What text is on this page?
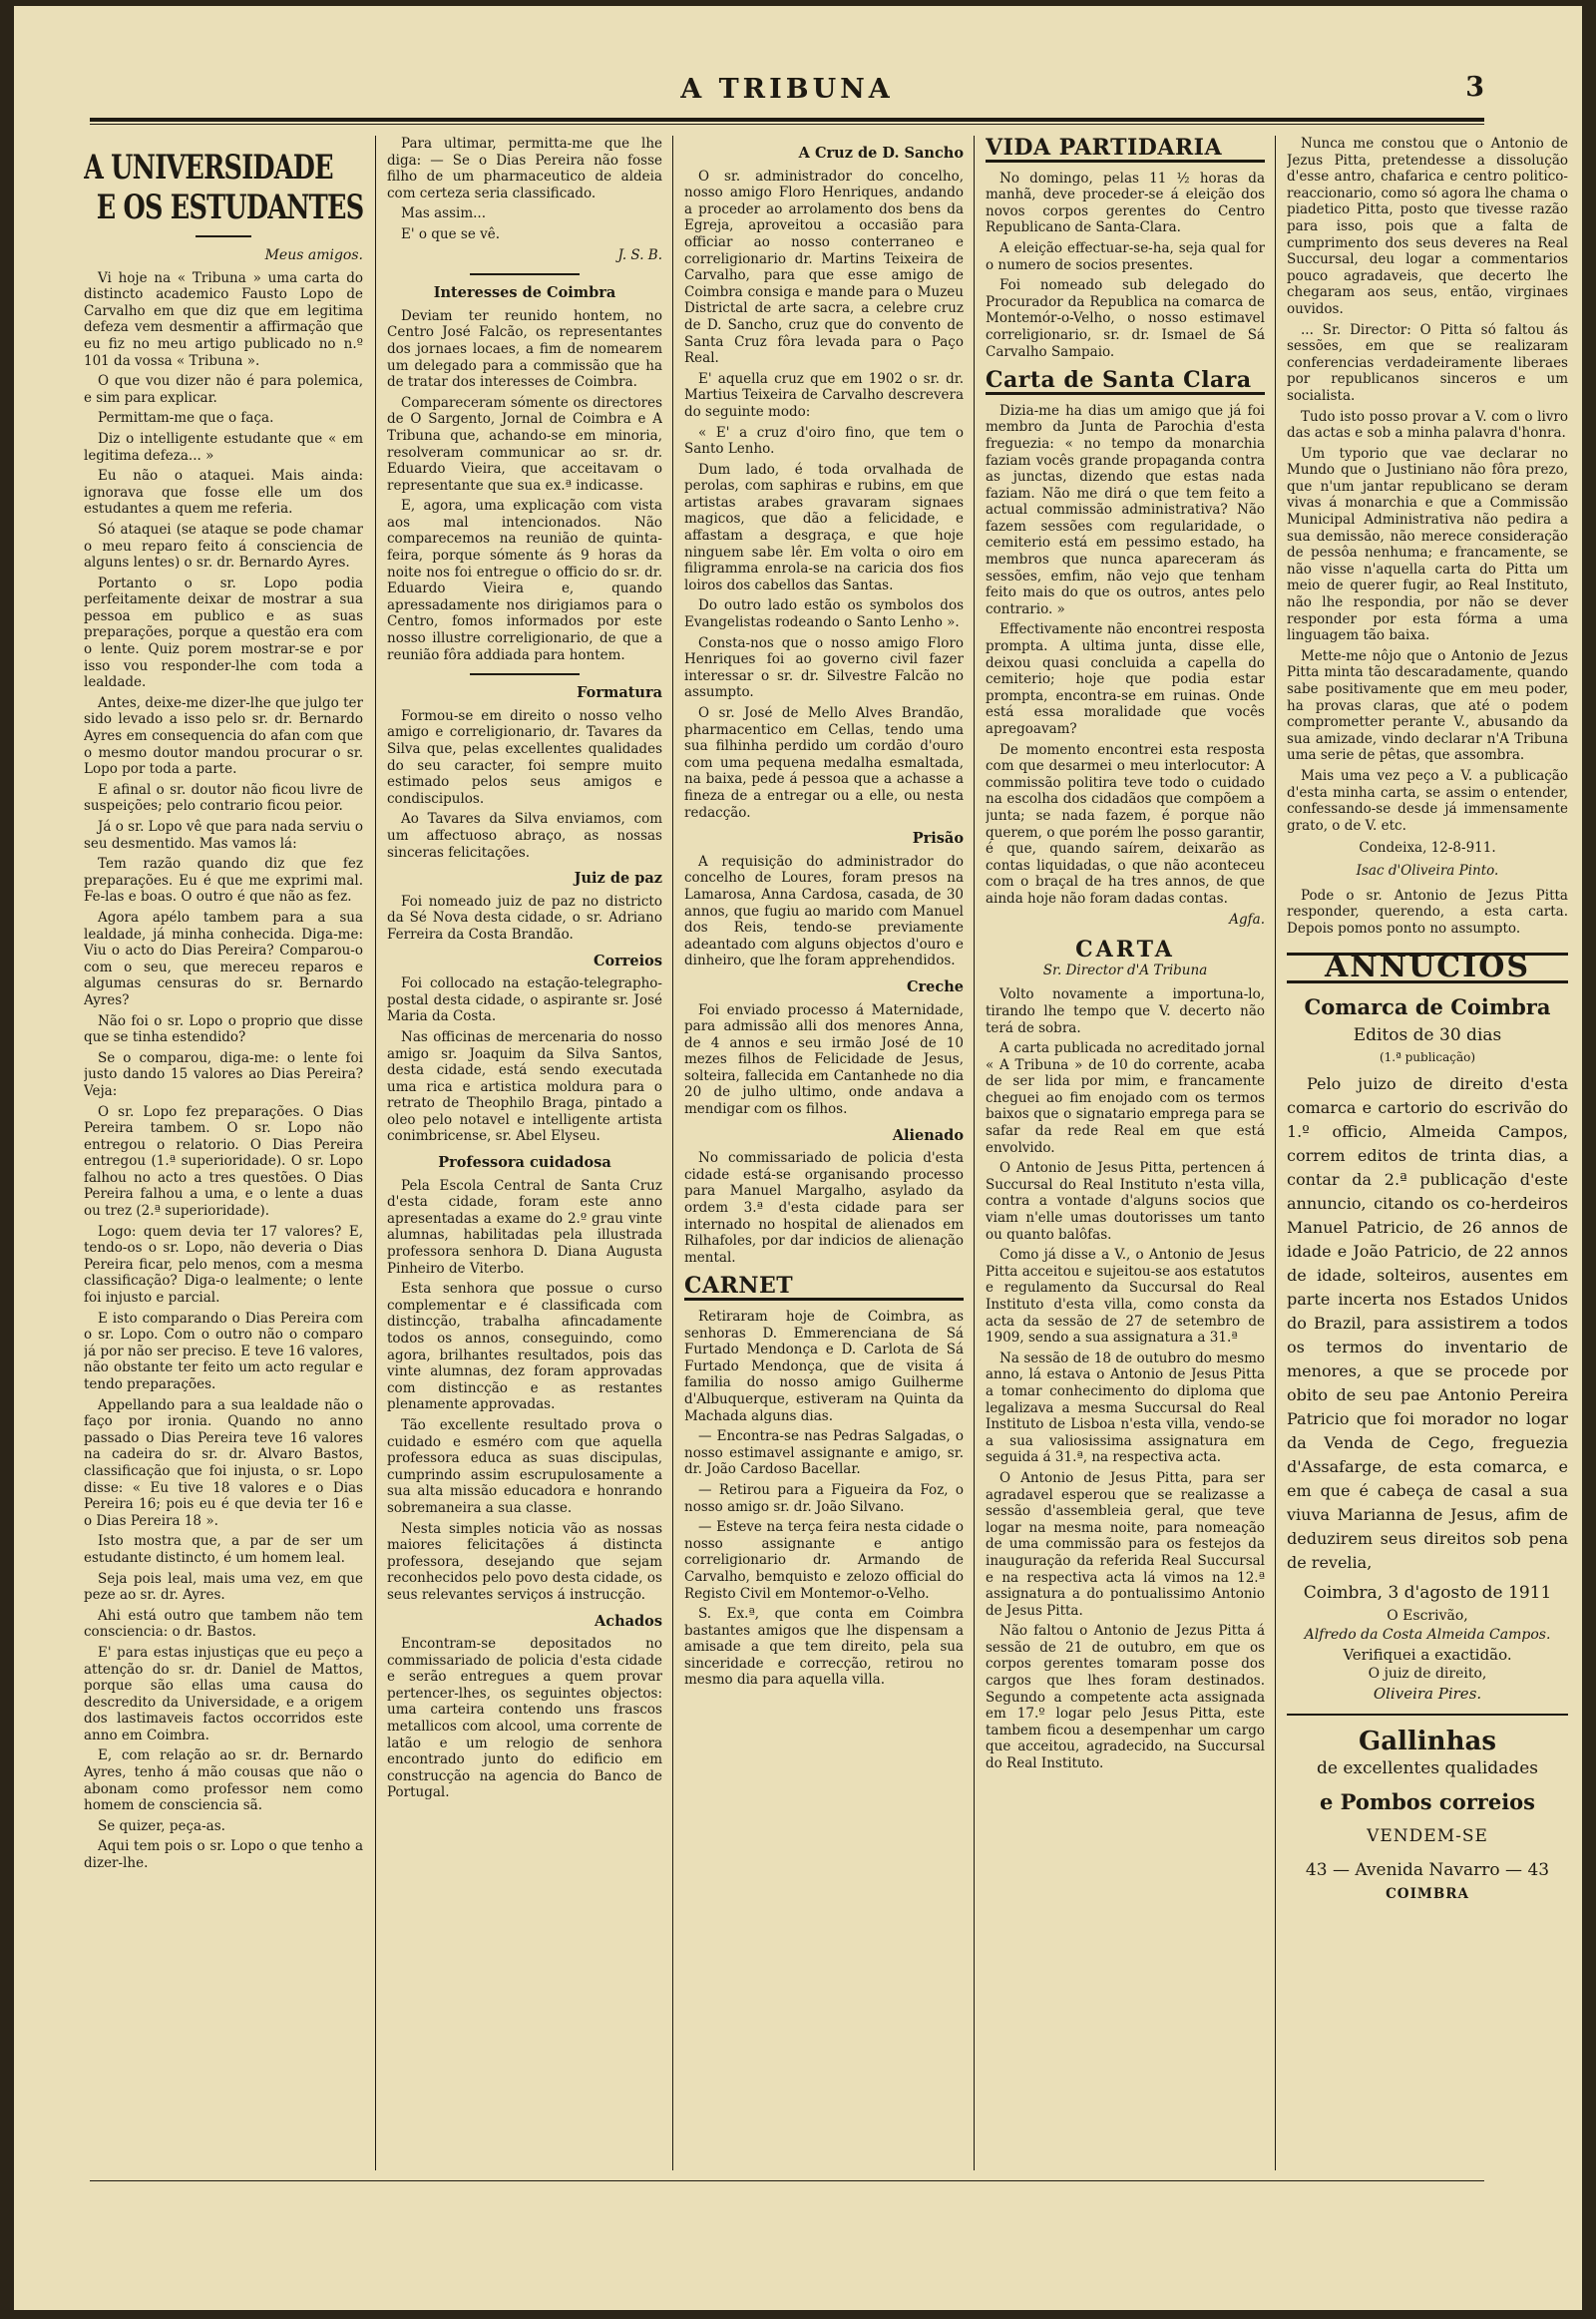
A TRIBUNA	3
A UNIVERSIDADE
E OS ESTUDANTES
Meus amigos.

Vi hoje na « Tribuna » uma carta do distincto academico Fausto Lopo de Carvalho em que diz que em legitima defeza vem desmentir a affirmação que eu fiz no meu artigo publicado no n.º 101 da vossa « Tribuna ».

O que vou dizer não é para polemica, e sim para explicar.

Permittam-me que o faça.

Diz o intelligente estudante que « em legitima defeza... »

Eu não o ataquei. Mais ainda: ignorava que fosse elle um dos estudantes a quem me referia.

Só ataquei (se ataque se pode chamar o meu reparo feito á consciencia de alguns lentes) o sr. dr. Bernardo Ayres.

Portanto o sr. Lopo podia perfeitamente deixar de mostrar a sua pessoa em publico e as suas preparações, porque a questão era com o lente. Quiz porem mostrar-se e por isso vou responder-lhe com toda a lealdade.

Antes, deixe-me dizer-lhe que julgo ter sido levado a isso pelo sr. dr. Bernardo Ayres em consequencia do afan com que o mesmo doutor mandou procurar o sr. Lopo por toda a parte.

E afinal o sr. doutor não ficou livre de suspeições; pelo contrario ficou peior.

Já o sr. Lopo vê que para nada serviu o seu desmentido. Mas vamos lá:

Tem razão quando diz que fez preparações. Eu é que me exprimi mal. Fe-las e boas. O outro é que não as fez.

Agora apélo tambem para a sua lealdade, já minha conhecida. Diga-me: Viu o acto do Dias Pereira? Comparou-o com o seu, que mereceu reparos e algumas censuras do sr. Bernardo Ayres?

Não foi o sr. Lopo o proprio que disse que se tinha estendido?

Se o comparou, diga-me: o lente foi justo dando 15 valores ao Dias Pereira? Veja:

O sr. Lopo fez preparações. O Dias Pereira tambem. O sr. Lopo não entregou o relatorio. O Dias Pereira entregou (1.ª superioridade). O sr. Lopo falhou no acto a tres questões. O Dias Pereira falhou a uma, e o lente a duas ou trez (2.ª superioridade).

Logo: quem devia ter 17 valores? E, tendo-os o sr. Lopo, não deveria o Dias Pereira ficar, pelo menos, com a mesma classificação? Diga-o lealmente; o lente foi injusto e parcial.

E isto comparando o Dias Pereira com o sr. Lopo. Com o outro não o comparo já por não ser preciso. E teve 16 valores, não obstante ter feito um acto regular e tendo preparações.

Appellando para a sua lealdade não o faço por ironia. Quando no anno passado o Dias Pereira teve 16 valores na cadeira do sr. dr. Alvaro Bastos, classificação que foi injusta, o sr. Lopo disse: « Eu tive 18 valores e o Dias Pereira 16; pois eu é que devia ter 16 e o Dias Pereira 18 ».

Isto mostra que, a par de ser um estudante distincto, é um homem leal.

Seja pois leal, mais uma vez, em que peze ao sr. dr. Ayres.

Ahi está outro que tambem não tem consciencia: o dr. Bastos.

E' para estas injustiças que eu peço a attenção do sr. dr. Daniel de Mattos, porque são ellas uma causa do descredito da Universidade, e a origem dos lastimaveis factos occorridos este anno em Coimbra.

E, com relação ao sr. dr. Bernardo Ayres, tenho á mão cousas que não o abonam como professor nem como homem de consciencia sã.

Se quizer, peça-as.

Aqui tem pois o sr. Lopo o que tenho a dizer-lhe.

Para ultimar, permitta-me que lhe diga: — Se o Dias Pereira não fosse filho de um pharmaceutico de aldeia com certeza seria classificado.

Mas assim...

E' o que se vê.

J. S. B.
Interesses de Coimbra

Deviam ter reunido hontem, no Centro José Falcão, os representantes dos jornaes locaes, a fim de nomearem um delegado para a commissão que ha de tratar dos interesses de Coimbra.

Compareceram sómente os directores de O Sargento, Jornal de Coimbra e A Tribuna que, achando-se em minoria, resolveram communicar ao sr. dr. Eduardo Vieira, que acceitavam o representante que sua ex.ª indicasse.

E, agora, uma explicação com vista aos mal intencionados. Não comparecemos na reunião de quinta-feira, porque sómente ás 9 horas da noite nos foi entregue o officio do sr. dr. Eduardo Vieira e, quando apressadamente nos dirigiamos para o Centro, fomos informados por este nosso illustre correligionario, de que a reunião fôra addiada para hontem.

Formatura

Formou-se em direito o nosso velho amigo e correligionario, dr. Tavares da Silva que, pelas excellentes qualidades do seu caracter, foi sempre muito estimado pelos seus amigos e condiscipulos.

Ao Tavares da Silva enviamos, com um affectuoso abraço, as nossas sinceras felicitações.

Juiz de paz

Foi nomeado juiz de paz no districto da Sé Nova desta cidade, o sr. Adriano Ferreira da Costa Brandão.

Correios

Foi collocado na estação-telegrapho-postal desta cidade, o aspirante sr. José Maria da Costa.

Nas officinas de mercenaria do nosso amigo sr. Joaquim da Silva Santos, desta cidade, está sendo executada uma rica e artistica moldura para o retrato de Theophilo Braga, pintado a oleo pelo notavel e intelligente artista conimbricense, sr. Abel Elyseu.

Professora cuidadosa

Pela Escola Central de Santa Cruz d'esta cidade, foram este anno apresentadas a exame do 2.º grau vinte alumnas, habilitadas pela illustrada professora senhora D. Diana Augusta Pinheiro de Viterbo.

Esta senhora que possue o curso complementar e é classificada com distincção, trabalha afincadamente todos os annos, conseguindo, como agora, brilhantes resultados, pois das vinte alumnas, dez foram approvadas com distincção e as restantes plenamente approvadas.

Tão excellente resultado prova o cuidado e esméro com que aquella professora educa as suas discipulas, cumprindo assim escrupulosamente a sua alta missão educadora e honrando sobremaneira a sua classe.

Nesta simples noticia vão as nossas maiores felicitações á distincta professora, desejando que sejam reconhecidos pelo povo desta cidade, os seus relevantes serviços á instrucção.

Achados

Encontram-se depositados no commissariado de policia d'esta cidade e serão entregues a quem provar pertencer-lhes, os seguintes objectos: uma carteira contendo uns frascos metallicos com alcool, uma corrente de latão e um relogio de senhora encontrado junto do edificio em construcção na agencia do Banco de Portugal.

A Cruz de D. Sancho

O sr. administrador do concelho, nosso amigo Floro Henriques, andando a proceder ao arrolamento dos bens da Egreja, aproveitou a occasião para officiar ao nosso conterraneo e correligionario dr. Martins Teixeira de Carvalho, para que esse amigo de Coimbra consiga e mande para o Muzeu Districtal de arte sacra, a celebre cruz de D. Sancho, cruz que do convento de Santa Cruz fôra levada para o Paço Real.

E' aquella cruz que em 1902 o sr. dr. Martius Teixeira de Carvalho descrevera do seguinte modo:

« E' a cruz d'oiro fino, que tem o Santo Lenho.

Dum lado, é toda orvalhada de perolas, com saphiras e rubins, em que artistas arabes gravaram signaes magicos, que dão a felicidade, e affastam a desgraça, e que hoje ninguem sabe lêr. Em volta o oiro em filigramma enrola-se na caricia dos fios loiros dos cabellos das Santas.

Do outro lado estão os symbolos dos Evangelistas rodeando o Santo Lenho ».

Consta-nos que o nosso amigo Floro Henriques foi ao governo civil fazer interessar o sr. dr. Silvestre Falcão no assumpto.

O sr. José de Mello Alves Brandão, pharmacentico em Cellas, tendo uma sua filhinha perdido um cordão d'ouro com uma pequena medalha esmaltada, na baixa, pede á pessoa que a achasse a fineza de a entregar ou a elle, ou nesta redacção.

Prisão

A requisição do administrador do concelho de Loures, foram presos na Lamarosa, Anna Cardosa, casada, de 30 annos, que fugiu ao marido com Manuel dos Reis, tendo-se previamente adeantado com alguns objectos d'ouro e dinheiro, que lhe foram apprehendidos.

Creche

Foi enviado processo á Maternidade, para admissão alli dos menores Anna, de 4 annos e seu irmão José de 10 mezes filhos de Felicidade de Jesus, solteira, fallecida em Cantanhede no dia 20 de julho ultimo, onde andava a mendigar com os filhos.

Alienado

No commissariado de policia d'esta cidade está-se organisando processo para Manuel Margalho, asylado da ordem 3.ª d'esta cidade para ser internado no hospital de alienados em Rilhafoles, por dar indicios de alienação mental.

CARNET

Retiraram hoje de Coimbra, as senhoras D. Emmerenciana de Sá Furtado Mendonça e D. Carlota de Sá Furtado Mendonça, que de visita á familia do nosso amigo Guilherme d'Albuquerque, estiveram na Quinta da Machada alguns dias.

— Encontra-se nas Pedras Salgadas, o nosso estimavel assignante e amigo, sr. dr. João Cardoso Bacellar.

— Retirou para a Figueira da Foz, o nosso amigo sr. dr. João Silvano.

— Esteve na terça feira nesta cidade o nosso assignante e antigo correligionario dr. Armando de Carvalho, bemquisto e zelozo official do Registo Civil em Montemor-o-Velho.

S. Ex.ª, que conta em Coimbra bastantes amigos que lhe dispensam a amisade a que tem direito, pela sua sinceridade e correcção, retirou no mesmo dia para aquella villa.

VIDA PARTIDARIA

No domingo, pelas 11 ½ horas da manhã, deve proceder-se á eleição dos novos corpos gerentes do Centro Republicano de Santa-Clara.

A eleição effectuar-se-ha, seja qual for o numero de socios presentes.

Foi nomeado sub delegado do Procurador da Republica na comarca de Montemór-o-Velho, o nosso estimavel correligionario, sr. dr. Ismael de Sá Carvalho Sampaio.

Carta de Santa Clara

Dizia-me ha dias um amigo que já foi membro da Junta de Parochia d'esta freguezia: « no tempo da monarchia faziam vocês grande propaganda contra as junctas, dizendo que estas nada faziam. Não me dirá o que tem feito a actual commissão administrativa? Não fazem sessões com regularidade, o cemiterio está em pessimo estado, ha membros que nunca apareceram ás sessões, emfim, não vejo que tenham feito mais do que os outros, antes pelo contrario. »

Effectivamente não encontrei resposta prompta. A ultima junta, disse elle, deixou quasi concluida a capella do cemiterio; hoje que podia estar prompta, encontra-se em ruinas. Onde está essa moralidade que vocês apregoavam?

De momento encontrei esta resposta com que desarmei o meu interlocutor: A commissão politira teve todo o cuidado na escolha dos cidadãos que compõem a junta; se nada fazem, é porque não querem, o que porém lhe posso garantir, é que, quando saírem, deixarão as contas liquidadas, o que não aconteceu com o braçal de ha tres annos, de que ainda hoje não foram dadas contas.

Agfa.
CARTA
Sr. Director d'A Tribuna

Volto novamente a importuna-lo, tirando lhe tempo que V. decerto não terá de sobra.

A carta publicada no acreditado jornal « A Tribuna » de 10 do corrente, acaba de ser lida por mim, e francamente cheguei ao fim enojado com os termos baixos que o signatario emprega para se safar da rede Real em que está envolvido.

O Antonio de Jesus Pitta, pertencen á Succursal do Real Instituto n'esta villa, contra a vontade d'alguns socios que viam n'elle umas doutorisses um tanto ou quanto balôfas.

Como já disse a V., o Antonio de Jesus Pitta acceitou e sujeitou-se aos estatutos e regulamento da Succursal do Real Instituto d'esta villa, como consta da acta da sessão de 27 de setembro de 1909, sendo a sua assignatura a 31.ª

Na sessão de 18 de outubro do mesmo anno, lá estava o Antonio de Jesus Pitta a tomar conhecimento do diploma que legalizava a mesma Succursal do Real Instituto de Lisboa n'esta villa, vendo-se a sua valiosissima assignatura em seguida á 31.ª, na respectiva acta.

O Antonio de Jesus Pitta, para ser agradavel esperou que se realizasse a sessão d'assembleia geral, que teve logar na mesma noite, para nomeação de uma commissão para os festejos da inauguração da referida Real Succursal e na respectiva acta lá vimos na 12.ª assignatura a do pontualissimo Antonio de Jesus Pitta.

Não faltou o Antonio de Jezus Pitta á sessão de 21 de outubro, em que os corpos gerentes tomaram posse dos cargos que lhes foram destinados. Segundo a competente acta assignada em 17.º logar pelo Jesus Pitta, este tambem ficou a desempenhar um cargo que acceitou, agradecido, na Succursal do Real Instituto.

Nunca me constou que o Antonio de Jezus Pitta, pretendesse a dissolução d'esse antro, chafarica e centro politico-reaccionario, como só agora lhe chama o piadetico Pitta, posto que tivesse razão para isso, pois que a falta de cumprimento dos seus deveres na Real Succursal, deu logar a commentarios pouco agradaveis, que decerto lhe chegaram aos seus, então, virginaes ouvidos.

... Sr. Director: O Pitta só faltou ás sessões, em que se realizaram conferencias verdadeiramente liberaes por republicanos sinceros e um socialista.

Tudo isto posso provar a V. com o livro das actas e sob a minha palavra d'honra.

Um typorio que vae declarar no Mundo que o Justiniano não fôra prezo, que n'um jantar republicano se deram vivas á monarchia e que a Commissão Municipal Administrativa não pedira a sua demissão, não merece consideração de pessôa nenhuma; e francamente, se não visse n'aquella carta do Pitta um meio de querer fugir, ao Real Instituto, não lhe respondia, por não se dever responder por esta fórma a uma linguagem tão baixa.

Mette-me nôjo que o Antonio de Jezus Pitta minta tão descaradamente, quando sabe positivamente que em meu poder, ha provas claras, que até o podem comprometter perante V., abusando da sua amizade, vindo declarar n'A Tribuna uma serie de pêtas, que assombra.

Mais uma vez peço a V. a publicação d'esta minha carta, se assim o entender, confessando-se desde já immensamente grato, o de V. etc.

Condeixa, 12-8-911.
Isac d'Oliveira Pinto.

Pode o sr. Antonio de Jezus Pitta responder, querendo, a esta carta. Depois pomos ponto no assumpto.

ANNUCIOS
Comarca de Coimbra
Editos de 30 dias
(1.ª publicação)
Pelo juizo de direito d'esta comarca e cartorio do escrivão do 1.º officio, Almeida Campos, correm editos de trinta dias, a contar da 2.ª publicação d'este annuncio, citando os co-herdeiros Manuel Patricio, de 26 annos de idade e João Patricio, de 22 annos de idade, solteiros, ausentes em parte incerta nos Estados Unidos do Brazil, para assistirem a todos os termos do inventario de menores, a que se procede por obito de seu pae Antonio Pereira Patricio que foi morador no logar da Venda de Cego, freguezia d'Assafarge, de esta comarca, e em que é cabeça de casal a sua viuva Marianna de Jesus, afim de deduzirem seus direitos sob pena de revelia,
Coimbra, 3 d'agosto de 1911
O Escrivão,
Alfredo da Costa Almeida Campos.
Verifiquei a exactidão.
O juiz de direito,
Oliveira Pires.
Gallinhas
de excellentes qualidades
e Pombos correios
VENDEM-SE
43 — Avenida Navarro — 43
COIMBRA
